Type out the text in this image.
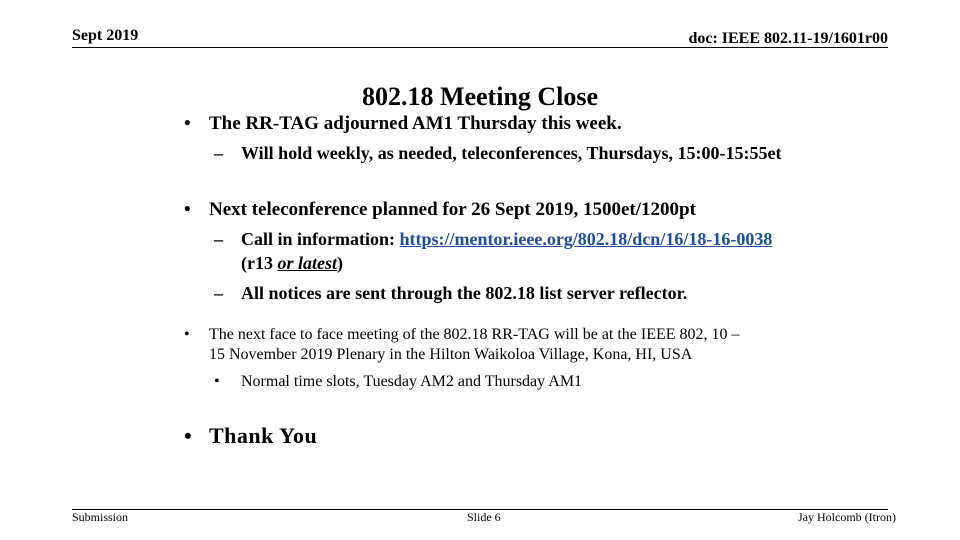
Sept 2019	doc: IEEE 802.11-19/1601r00
802.18 Meeting Close
• The RR-TAG adjourned AM1 Thursday this week.
– Will hold weekly, as needed, teleconferences, Thursdays, 15:00-15:55et
• Next teleconference planned for 26 Sept 2019, 1500et/1200pt
– Call in information: https://mentor.ieee.org/802.18/dcn/16/18-16-0038
(r13 or latest)
– All notices are sent through the 802.18 list server reflector.
• The next face to face meeting of the 802.18 RR-TAG will be at the IEEE 802, 10 –
15 November 2019 Plenary in the Hilton Waikoloa Village, Kona, HI, USA
• Normal time slots, Tuesday AM2 and Thursday AM1
• Thank You
Submission	Slide 6	Jay Holcomb (Itron)
